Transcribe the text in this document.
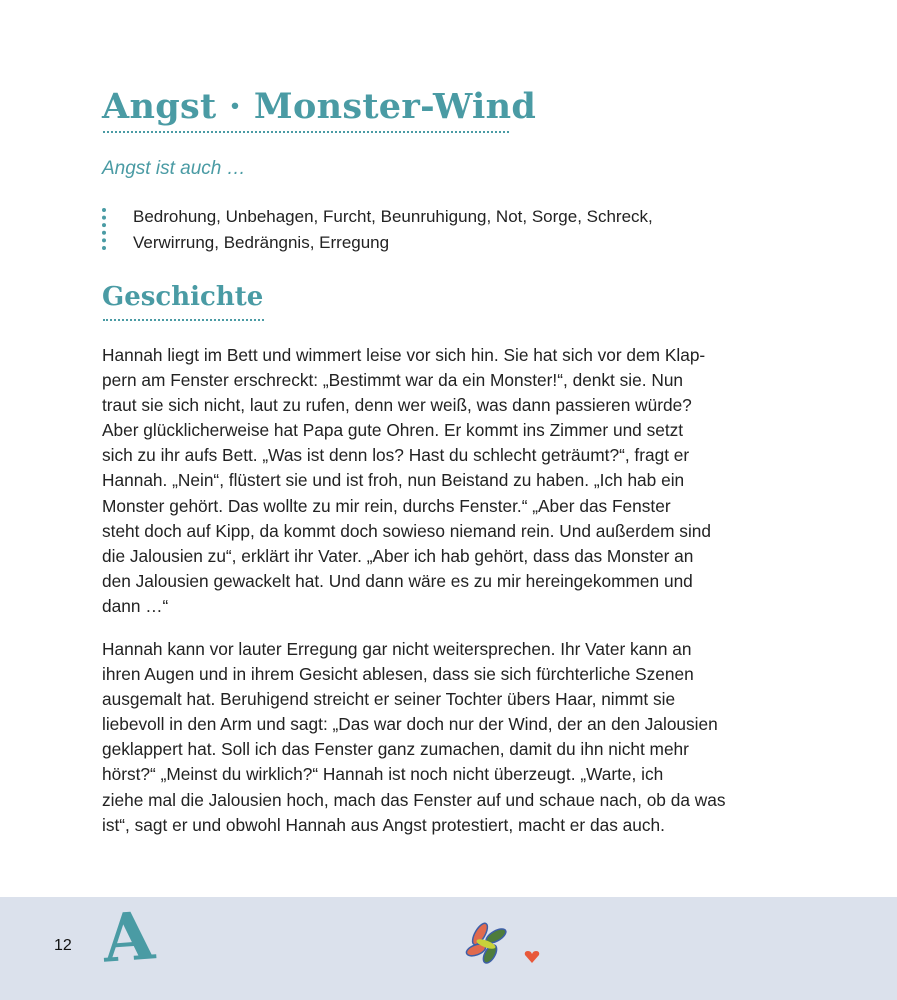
Angst · Monster-Wind
Angst ist auch …
Bedrohung, Unbehagen, Furcht, Beunruhigung, Not, Sorge, Schreck,
Verwirrung, Bedrängnis, Erregung
Geschichte
Hannah liegt im Bett und wimmert leise vor sich hin. Sie hat sich vor dem Klap-
pern am Fenster erschreckt: „Bestimmt war da ein Monster!“, denkt sie. Nun
traut sie sich nicht, laut zu rufen, denn wer weiß, was dann passieren würde?
Aber glücklicherweise hat Papa gute Ohren. Er kommt ins Zimmer und setzt
sich zu ihr aufs Bett. „Was ist denn los? Hast du schlecht geträumt?“, fragt er
Hannah. „Nein“, flüstert sie und ist froh, nun Beistand zu haben. „Ich hab ein
Monster gehört. Das wollte zu mir rein, durchs Fenster.“ „Aber das Fenster
steht doch auf Kipp, da kommt doch sowieso niemand rein. Und außerdem sind
die Jalousien zu“, erklärt ihr Vater. „Aber ich hab gehört, dass das Monster an
den Jalousien gewackelt hat. Und dann wäre es zu mir hereingekommen und
dann …“
Hannah kann vor lauter Erregung gar nicht weitersprechen. Ihr Vater kann an
ihren Augen und in ihrem Gesicht ablesen, dass sie sich fürchterliche Szenen
ausgemalt hat. Beruhigend streicht er seiner Tochter übers Haar, nimmt sie
liebevoll in den Arm und sagt: „Das war doch nur der Wind, der an den Jalousien
geklappert hat. Soll ich das Fenster ganz zumachen, damit du ihn nicht mehr
hörst?“ „Meinst du wirklich?“ Hannah ist noch nicht überzeugt. „Warte, ich
ziehe mal die Jalousien hoch, mach das Fenster auf und schaue nach, ob da was
ist“, sagt er und obwohl Hannah aus Angst protestiert, macht er das auch.
12 A
